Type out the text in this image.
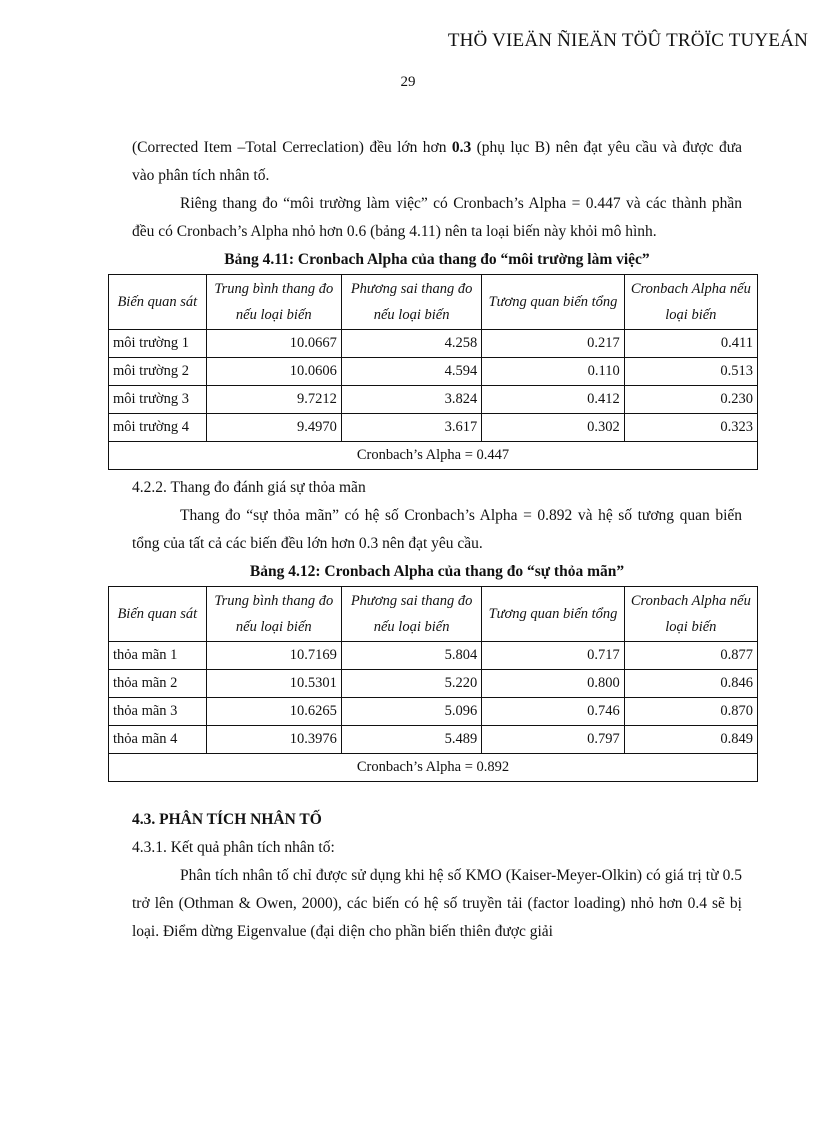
THÖ VIEÄN ÑIEÄN TÖÛ TRÖÏC TUYEÁN
29

(Corrected Item –Total Cerreclation) đều lớn hơn 0.3 (phụ lục B) nên đạt yêu cầu và được đưa vào phân tích nhân tố.

Riêng thang đo “môi trường làm việc” có Cronbach’s Alpha = 0.447 và các thành phần đều có Cronbach’s Alpha nhỏ hơn 0.6 (bảng 4.11) nên ta loại biến này khỏi mô hình.

Bảng 4.11: Cronbach Alpha của thang đo “môi trường làm việc”

Biến quan sát	Trung bình thang đo nếu loại biến	Phương sai thang đo nếu loại biến	Tương quan biến tổng	Cronbach Alpha nếu loại biến
môi trường 1	10.0667	4.258	0.217	0.411
môi trường 2	10.0606	4.594	0.110	0.513
môi trường 3	9.7212	3.824	0.412	0.230
môi trường 4	9.4970	3.617	0.302	0.323
Cronbach’s Alpha = 0.447				

4.2.2. Thang đo đánh giá sự thỏa mãn

Thang đo “sự thỏa mãn” có hệ số Cronbach’s Alpha = 0.892 và hệ số tương quan biến tổng của tất cả các biến đều lớn hơn 0.3 nên đạt yêu cầu.

Bảng 4.12: Cronbach Alpha của thang đo “sự thỏa mãn”

Biến quan sát	Trung bình thang đo nếu loại biến	Phương sai thang đo nếu loại biến	Tương quan biến tổng	Cronbach Alpha nếu loại biến
thỏa mãn 1	10.7169	5.804	0.717	0.877
thỏa mãn 2	10.5301	5.220	0.800	0.846
thỏa mãn 3	10.6265	5.096	0.746	0.870
thỏa mãn 4	10.3976	5.489	0.797	0.849
Cronbach’s Alpha = 0.892				

4.3. PHÂN TÍCH NHÂN TỐ

4.3.1. Kết quả phân tích nhân tố:

Phân tích nhân tố chỉ được sử dụng khi hệ số KMO (Kaiser-Meyer-Olkin) có giá trị từ 0.5 trở lên (Othman & Owen, 2000), các biến có hệ số truyền tải (factor loading) nhỏ hơn 0.4 sẽ bị loại. Điểm dừng Eigenvalue (đại diện cho phần biến thiên được giải
